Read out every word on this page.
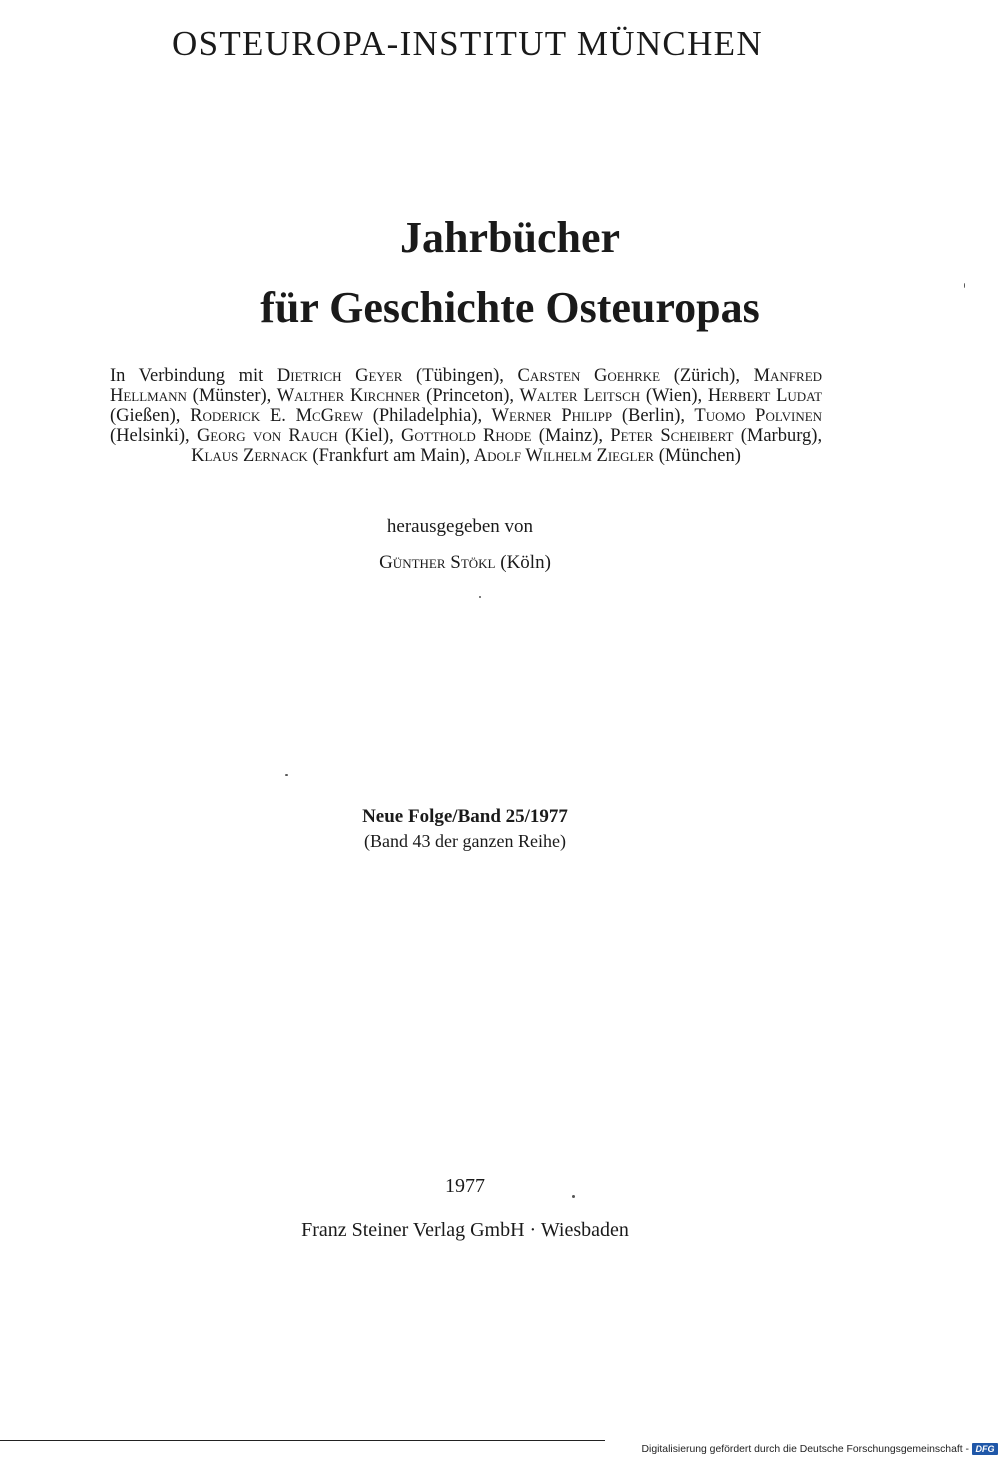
OSTEUROPA-INSTITUT MÜNCHEN
Jahrbücher
für Geschichte Osteuropas
In Verbindung mit Dietrich Geyer (Tübingen), Carsten Goehrke (Zürich), Manfred Hellmann (Münster), Walther Kirchner (Princeton), Walter Leitsch (Wien), Herbert Ludat (Gießen), Roderick E. McGrew (Philadelphia), Werner Philipp (Berlin), Tuomo Polvinen (Helsinki), Georg von Rauch (Kiel), Gotthold Rhode (Mainz), Peter Scheibert (Marburg), Klaus Zernack (Frankfurt am Main), Adolf Wilhelm Ziegler (München)
herausgegeben von
Günther Stökl (Köln)
Neue Folge/Band 25/1977
(Band 43 der ganzen Reihe)
1977
Franz Steiner Verlag GmbH · Wiesbaden
Digitalisierung gefördert durch die Deutsche Forschungsgemeinschaft - DFG
